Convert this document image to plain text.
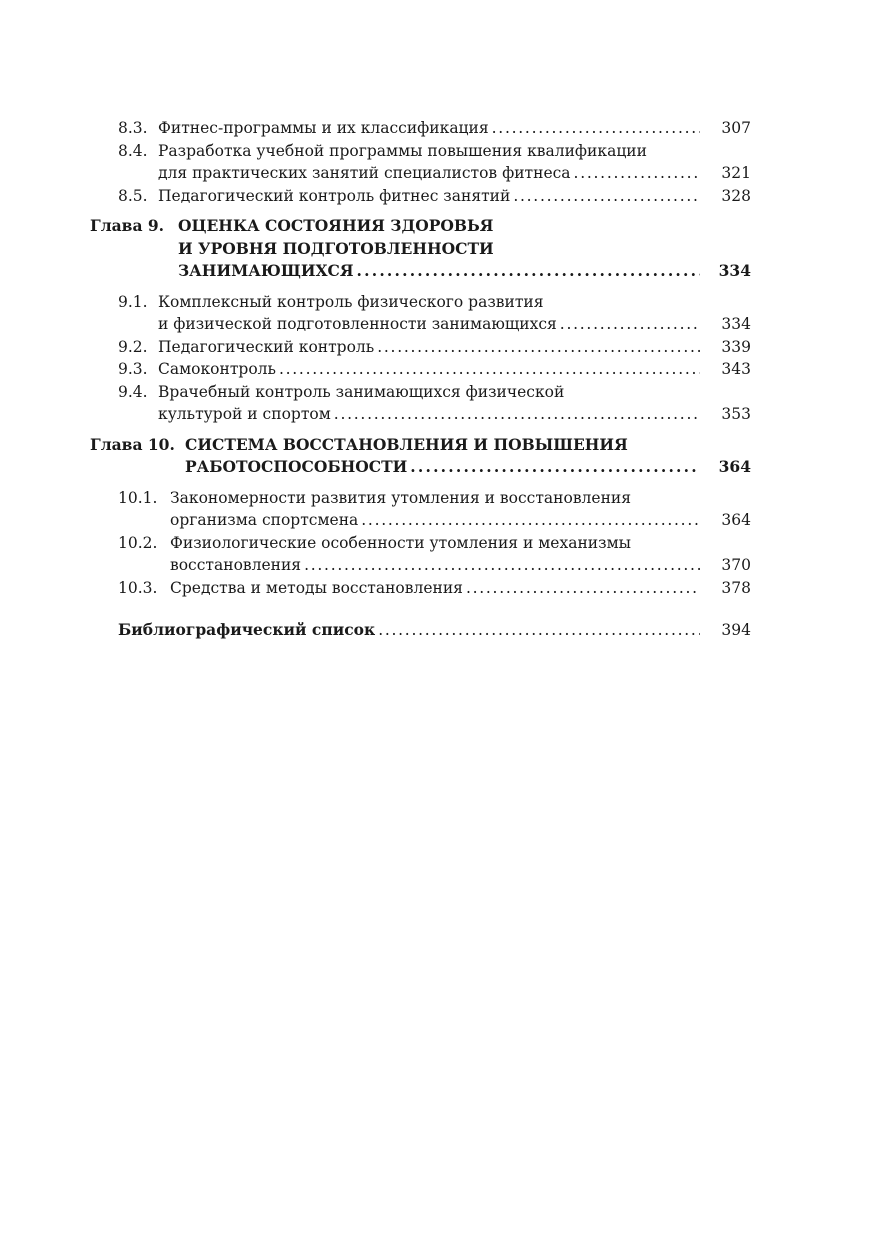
8.3. Фитнес-программы и их классификация . . .	307
8.4. Разработка учебной программы повышения квалификации
для практических занятий специалистов фитнеса . . .	321
8.5. Педагогический контроль фитнес занятий . . .	328
Глава 9. ОЦЕНКА СОСТОЯНИЯ ЗДОРОВЬЯ
И УРОВНЯ ПОДГОТОВЛЕННОСТИ
ЗАНИМАЮЩИХСЯ . . .	334
9.1. Комплексный контроль физического развития
и физической подготовленности занимающихся . . .	334
9.2. Педагогический контроль . . .	339
9.3. Самоконтроль . . .	343
9.4. Врачебный контроль занимающихся физической
культурой и спортом . . .	353
Глава 10. СИСТЕМА ВОССТАНОВЛЕНИЯ И ПОВЫШЕНИЯ
РАБОТОСПОСОБНОСТИ . . .	364
10.1. Закономерности развития утомления и восстановления
организма спортсмена . . .	364
10.2. Физиологические особенности утомления и механизмы
восстановления . . .	370
10.3. Средства и методы восстановления . . .	378
Библиографический список . . .	394
